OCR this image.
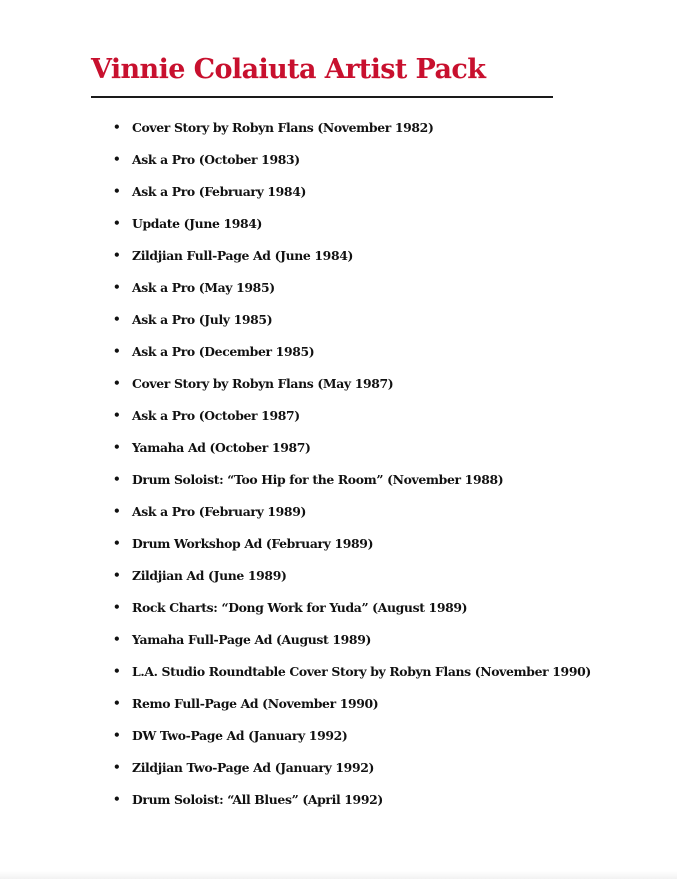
Vinnie Colaiuta Artist Pack
• Cover Story by Robyn Flans (November 1982)
• Ask a Pro (October 1983)
• Ask a Pro (February 1984)
• Update (June 1984)
• Zildjian Full-Page Ad (June 1984)
• Ask a Pro (May 1985)
• Ask a Pro (July 1985)
• Ask a Pro (December 1985)
• Cover Story by Robyn Flans (May 1987)
• Ask a Pro (October 1987)
• Yamaha Ad (October 1987)
• Drum Soloist: “Too Hip for the Room” (November 1988)
• Ask a Pro (February 1989)
• Drum Workshop Ad (February 1989)
• Zildjian Ad (June 1989)
• Rock Charts: “Dong Work for Yuda” (August 1989)
• Yamaha Full-Page Ad (August 1989)
• L.A. Studio Roundtable Cover Story by Robyn Flans (November 1990)
• Remo Full-Page Ad (November 1990)
• DW Two-Page Ad (January 1992)
• Zildjian Two-Page Ad (January 1992)
• Drum Soloist: “All Blues” (April 1992)
